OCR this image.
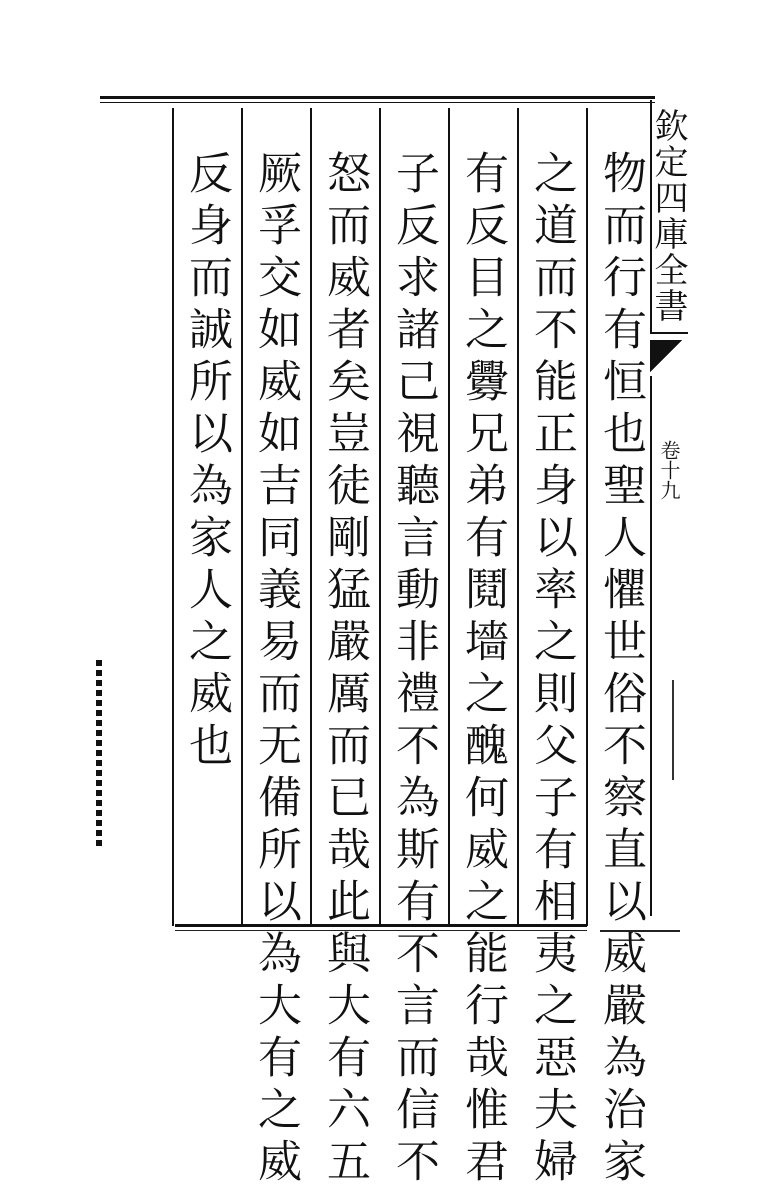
物而行有恒也聖人懼世俗不察直以威嚴為治家
之道而不能正身以率之則父子有相夷之惡夫婦
有反目之釁兄弟有鬩墻之醜何威之能行哉惟君
子反求諸己視聽言動非禮不為斯有不言而信不
怒而威者矣豈徒剛猛嚴厲而已哉此與大有六五
厥孚交如威如吉同義易而无備所以為大有之威
反身而誠所以為家人之威也	欽定四庫全書
卷十九
